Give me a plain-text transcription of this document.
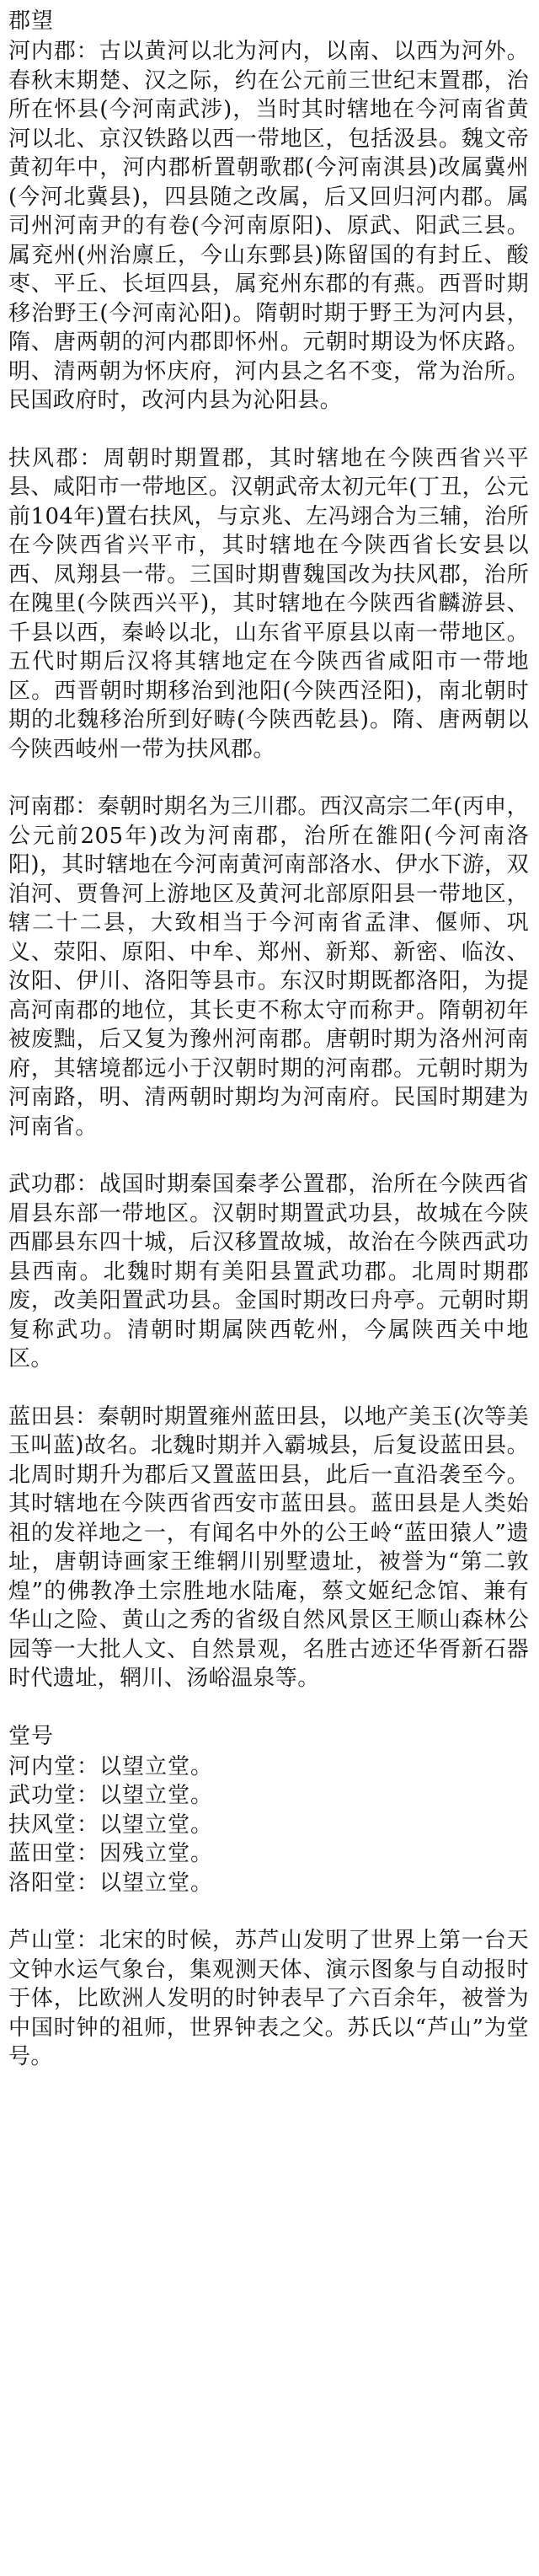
郡望

河内郡：古以黄河以北为河内，以南、以西为河外。春秋末期楚、汉之际，约在公元前三世纪末置郡，治所在怀县(今河南武涉)，当时其时辖地在今河南省黄河以北、京汉铁路以西一带地区，包括汲县。魏文帝黄初年中，河内郡析置朝歌郡(今河南淇县)改属冀州(今河北冀县)，四县随之改属，后又回归河内郡。属司州河南尹的有卷(今河南原阳)、原武、阳武三县。属兖州(州治廪丘，今山东鄄县)陈留国的有封丘、酸枣、平丘、长垣四县，属兖州东郡的有燕。西晋时期移治野王(今河南沁阳)。隋朝时期于野王为河内县，隋、唐两朝的河内郡即怀州。元朝时期设为怀庆路。明、清两朝为怀庆府，河内县之名不变，常为治所。民国政府时，改河内县为沁阳县。

扶风郡：周朝时期置郡，其时辖地在今陕西省兴平县、咸阳市一带地区。汉朝武帝太初元年(丁丑，公元前104年)置右扶风，与京兆、左冯翊合为三辅，治所在今陕西省兴平市，其时辖地在今陕西省长安县以西、凤翔县一带。三国时期曹魏国改为扶风郡，治所在隗里(今陕西兴平)，其时辖地在今陕西省麟游县、千县以西，秦岭以北，山东省平原县以南一带地区。五代时期后汉将其辖地定在今陕西省咸阳市一带地区。西晋朝时期移治到池阳(今陕西泾阳)，南北朝时期的北魏移治所到好畴(今陕西乾县)。隋、唐两朝以今陕西岐州一带为扶风郡。

河南郡：秦朝时期名为三川郡。西汉高宗二年(丙申，公元前205年)改为河南郡，治所在雒阳(今河南洛阳)，其时辖地在今河南黄河南部洛水、伊水下游，双洎河、贾鲁河上游地区及黄河北部原阳县一带地区，辖二十二县，大致相当于今河南省孟津、偃师、巩义、荥阳、原阳、中牟、郑州、新郑、新密、临汝、汝阳、伊川、洛阳等县市。东汉时期既都洛阳，为提高河南郡的地位，其长吏不称太守而称尹。隋朝初年被废黜，后又复为豫州河南郡。唐朝时期为洛州河南府，其辖境都远小于汉朝时期的河南郡。元朝时期为河南路，明、清两朝时期均为河南府。民国时期建为河南省。

武功郡：战国时期秦国秦孝公置郡，治所在今陕西省眉县东部一带地区。汉朝时期置武功县，故城在今陕西郿县东四十城，后汉移置故城，故治在今陕西武功县西南。北魏时期有美阳县置武功郡。北周时期郡废，改美阳置武功县。金国时期改曰舟亭。元朝时期复称武功。清朝时期属陕西乾州，今属陕西关中地区。

蓝田县：秦朝时期置雍州蓝田县，以地产美玉(次等美玉叫蓝)故名。北魏时期并入霸城县，后复设蓝田县。北周时期升为郡后又置蓝田县，此后一直沿袭至今。其时辖地在今陕西省西安市蓝田县。蓝田县是人类始祖的发祥地之一，有闻名中外的公王岭“蓝田猿人”遗址，唐朝诗画家王维辋川别墅遗址，被誉为“第二敦煌”的佛教净土宗胜地水陆庵，蔡文姬纪念馆、兼有华山之险、黄山之秀的省级自然风景区王顺山森林公园等一大批人文、自然景观，名胜古迹还华胥新石器时代遗址，辋川、汤峪温泉等。

堂号
河内堂：以望立堂。
武功堂：以望立堂。
扶风堂：以望立堂。
蓝田堂：因残立堂。
洛阳堂：以望立堂。

芦山堂：北宋的时候，苏芦山发明了世界上第一台天文钟水运气象台，集观测天体、演示图象与自动报时于体，比欧洲人发明的时钟表早了六百余年，被誉为中国时钟的祖师，世界钟表之父。苏氏以“芦山”为堂号。
